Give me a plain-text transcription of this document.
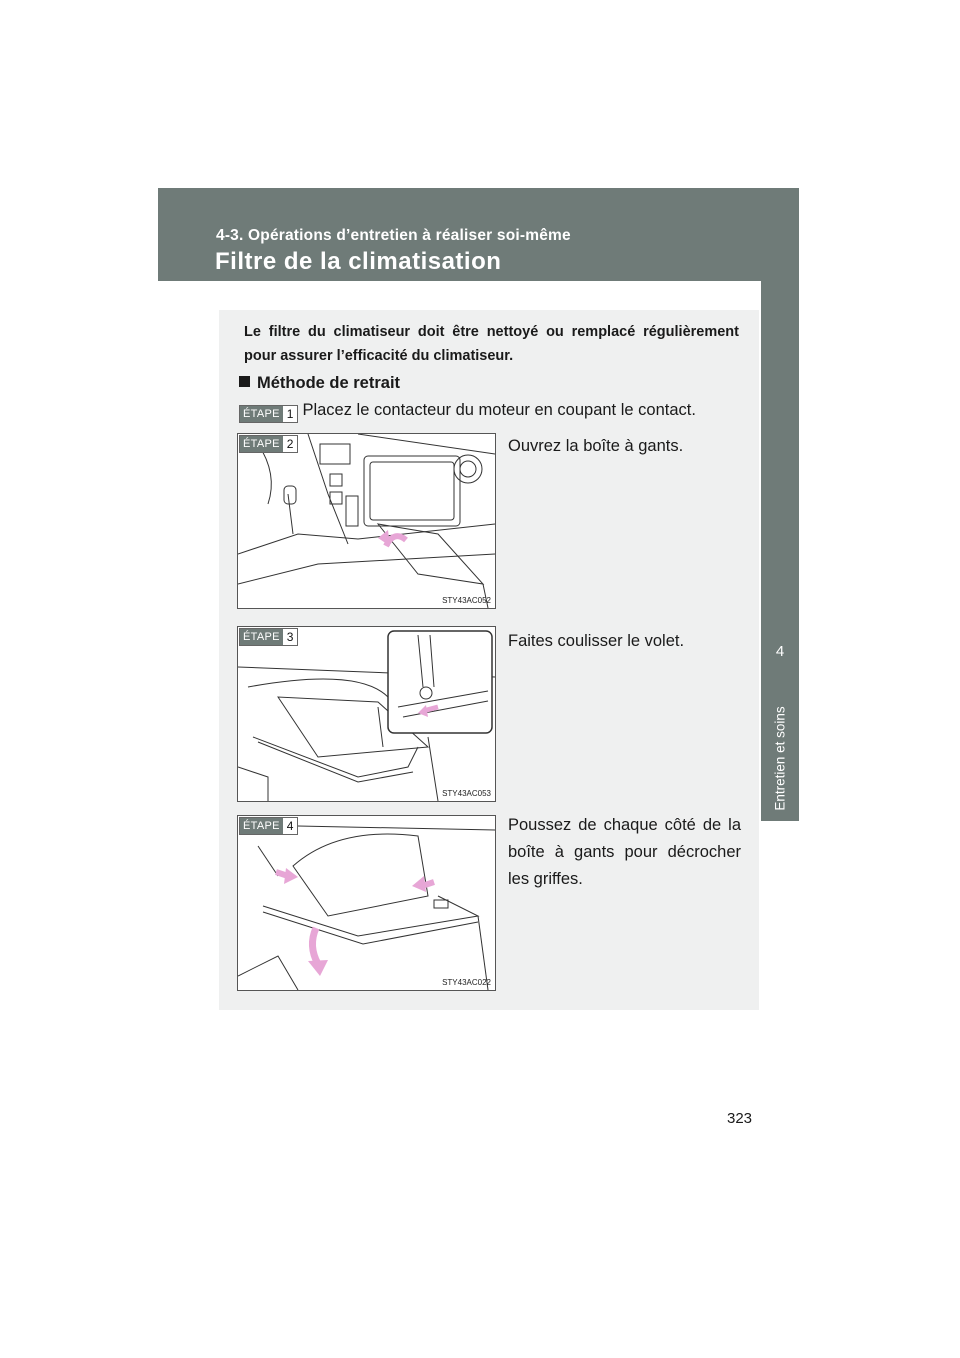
4-3. Opérations d’entretien à réaliser soi-même
Filtre de la climatisation
4
Entretien et soins
Le filtre du climatiseur doit être nettoyé ou remplacé régulièrement pour assurer l’efficacité du climatiseur.
Méthode de retrait
ÉTAPE 1 Placez le contacteur du moteur en coupant le contact.
ÉTAPE 2
STY43AC052
Ouvrez la boîte à gants.
ÉTAPE 3
STY43AC053
Faites coulisser le volet.
ÉTAPE 4
STY43AC022
Poussez de chaque côté de la boîte à gants pour décrocher les griffes.
323
